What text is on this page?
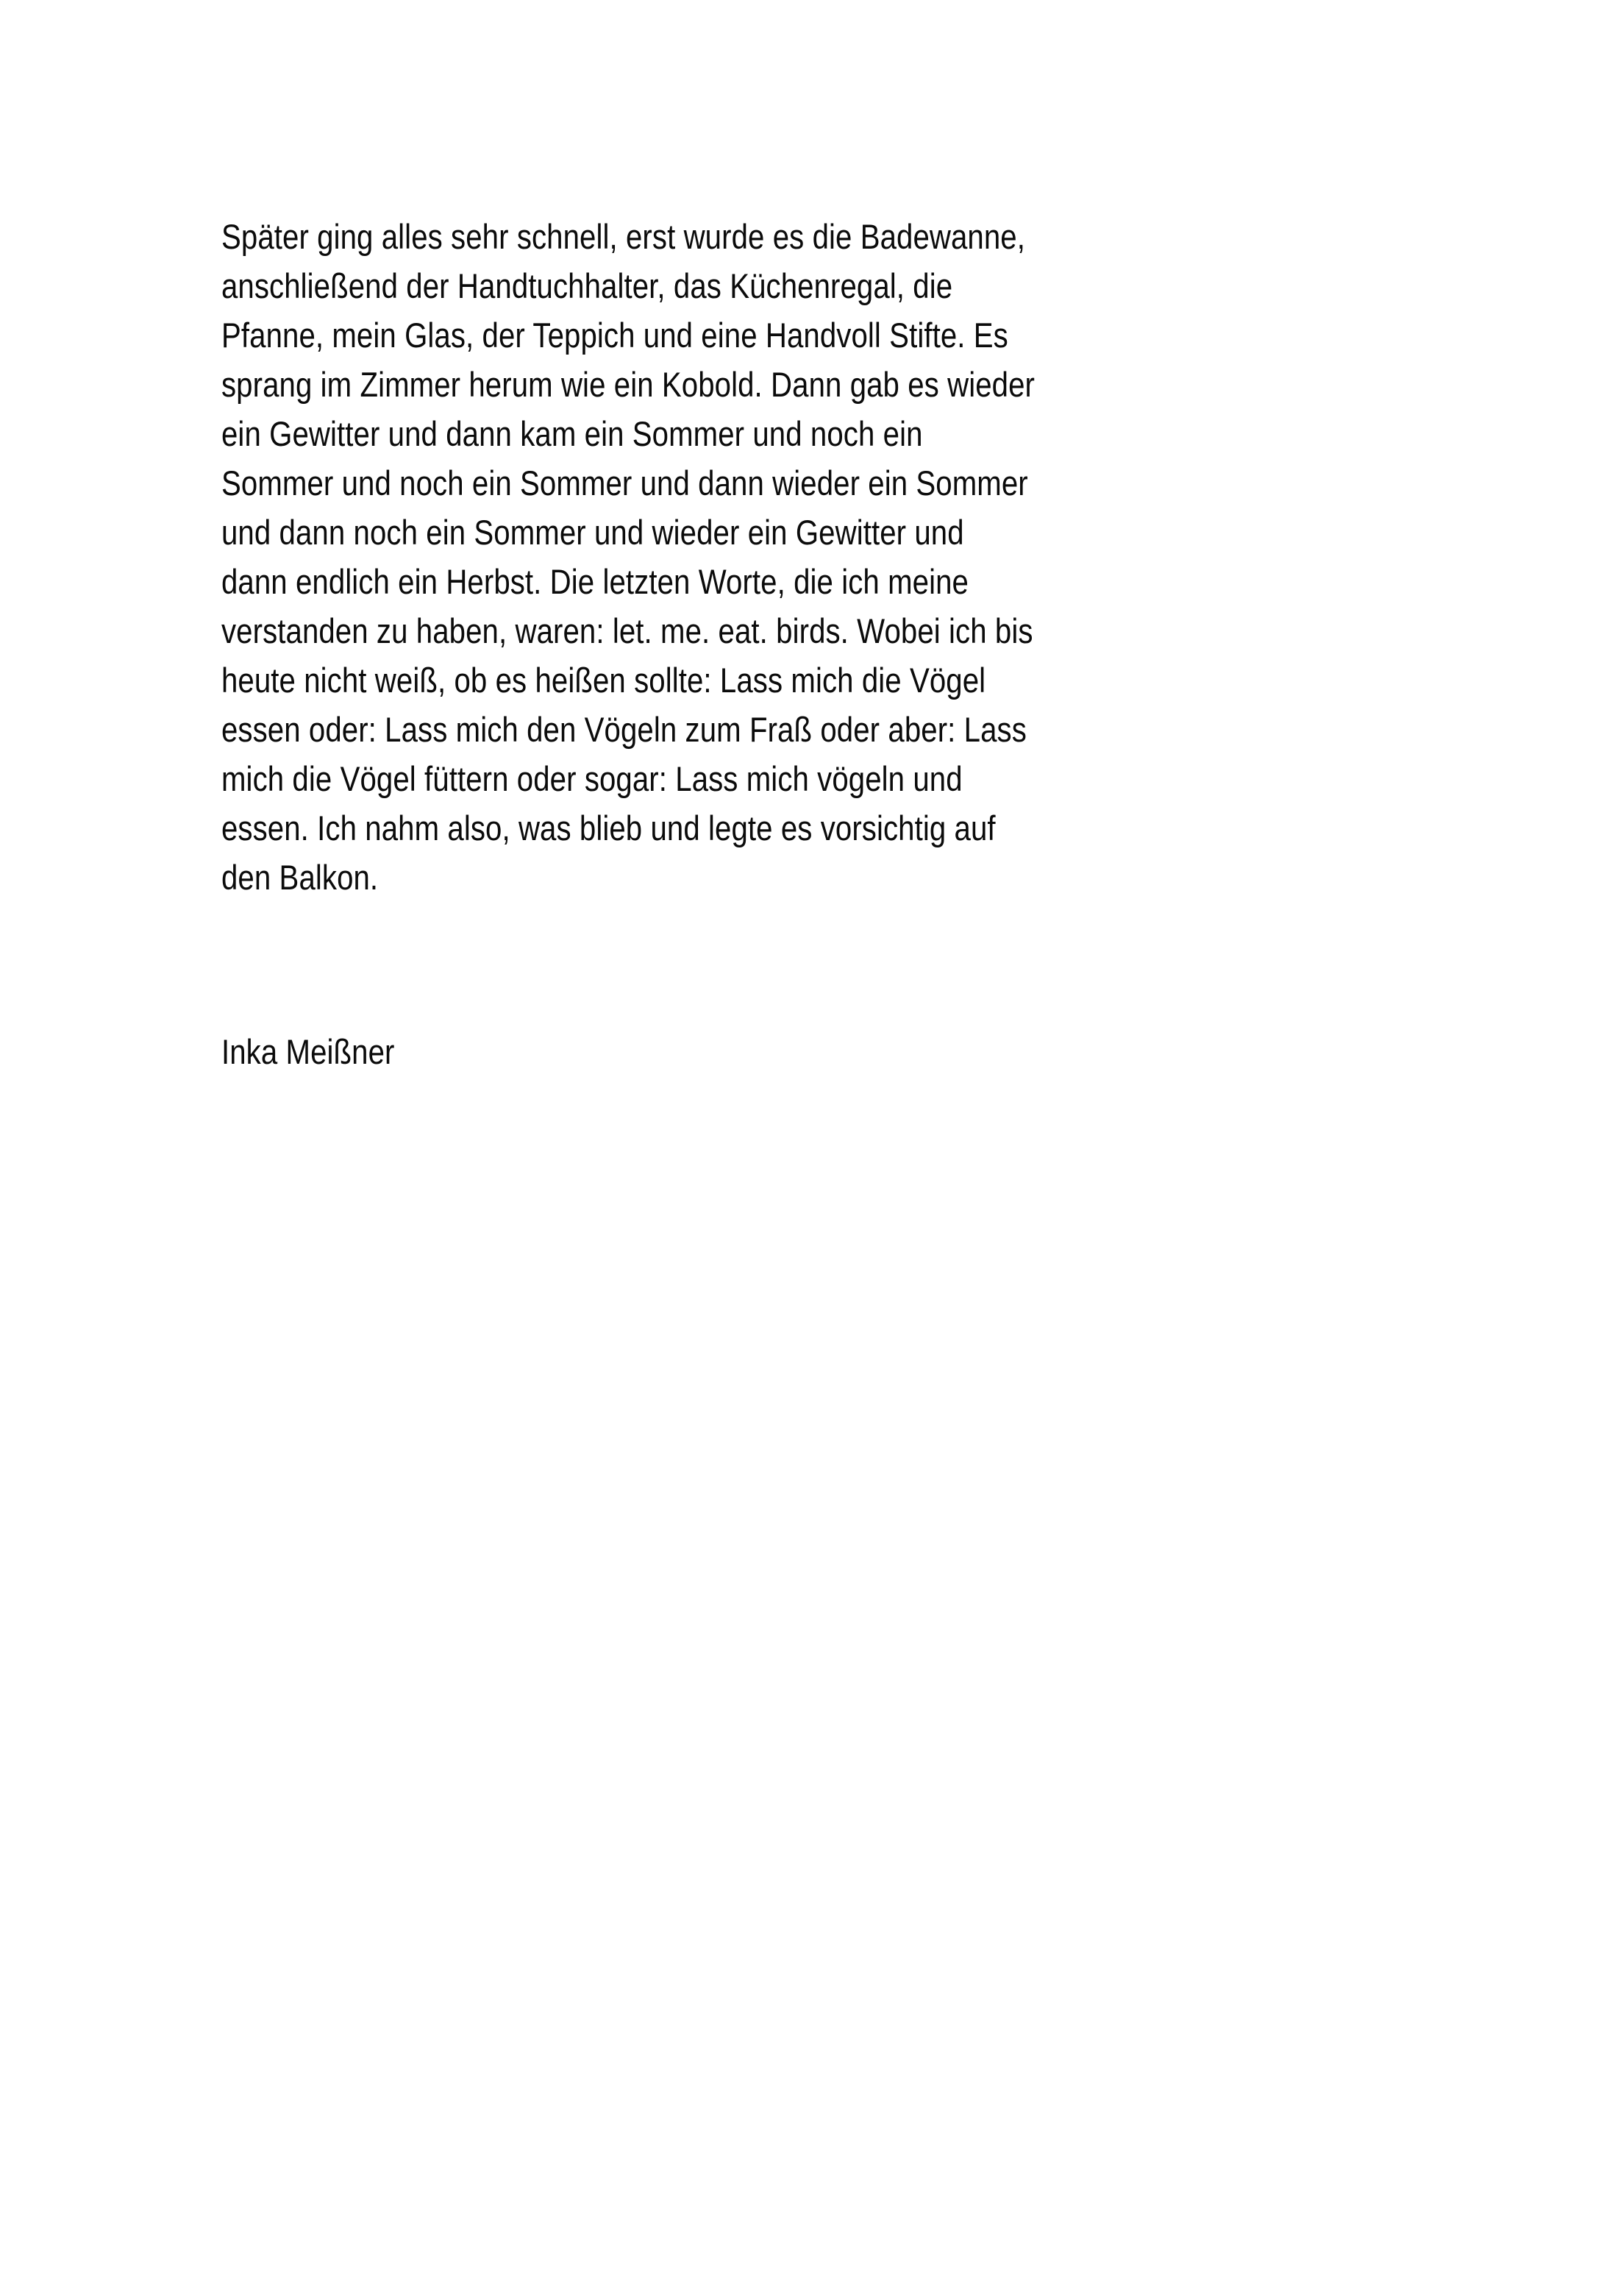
Später ging alles sehr schnell, erst wurde es die Badewanne,
anschließend der Handtuchhalter, das Küchenregal, die
Pfanne, mein Glas, der Teppich und eine Handvoll Stifte. Es
sprang im Zimmer herum wie ein Kobold. Dann gab es wieder
ein Gewitter und dann kam ein Sommer und noch ein
Sommer und noch ein Sommer und dann wieder ein Sommer
und dann noch ein Sommer und wieder ein Gewitter und
dann endlich ein Herbst. Die letzten Worte, die ich meine
verstanden zu haben, waren: let. me. eat. birds. Wobei ich bis
heute nicht weiß, ob es heißen sollte: Lass mich die Vögel
essen oder: Lass mich den Vögeln zum Fraß oder aber: Lass
mich die Vögel füttern oder sogar: Lass mich vögeln und
essen. Ich nahm also, was blieb und legte es vorsichtig auf
den Balkon.

Inka Meißner
